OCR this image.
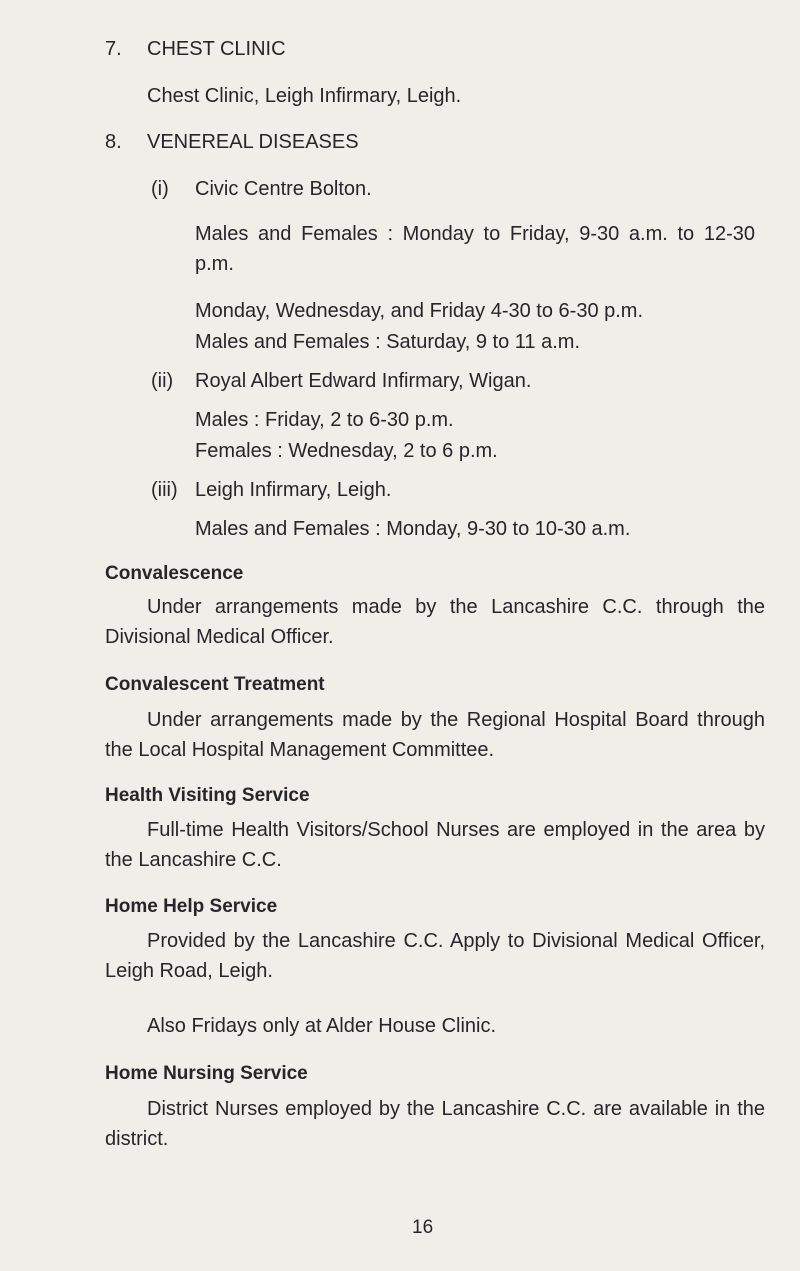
7. CHEST CLINIC
Chest Clinic, Leigh Infirmary, Leigh.
8. VENEREAL DISEASES
(i) Civic Centre Bolton.
Males and Females : Monday to Friday, 9-30 a.m. to 12-30 p.m.
Monday, Wednesday, and Friday 4-30 to 6-30 p.m.
Males and Females : Saturday, 9 to 11 a.m.
(ii) Royal Albert Edward Infirmary, Wigan.
Males : Friday, 2 to 6-30 p.m.
Females : Wednesday, 2 to 6 p.m.
(iii) Leigh Infirmary, Leigh.
Males and Females : Monday, 9-30 to 10-30 a.m.
Convalescence
Under arrangements made by the Lancashire C.C. through the Divisional Medical Officer.
Convalescent Treatment
Under arrangements made by the Regional Hospital Board through the Local Hospital Management Committee.
Health Visiting Service
Full-time Health Visitors/School Nurses are employed in the area by the Lancashire C.C.
Home Help Service
Provided by the Lancashire C.C. Apply to Divisional Medical Officer, Leigh Road, Leigh.
Also Fridays only at Alder House Clinic.
Home Nursing Service
District Nurses employed by the Lancashire C.C. are available in the district.
16
